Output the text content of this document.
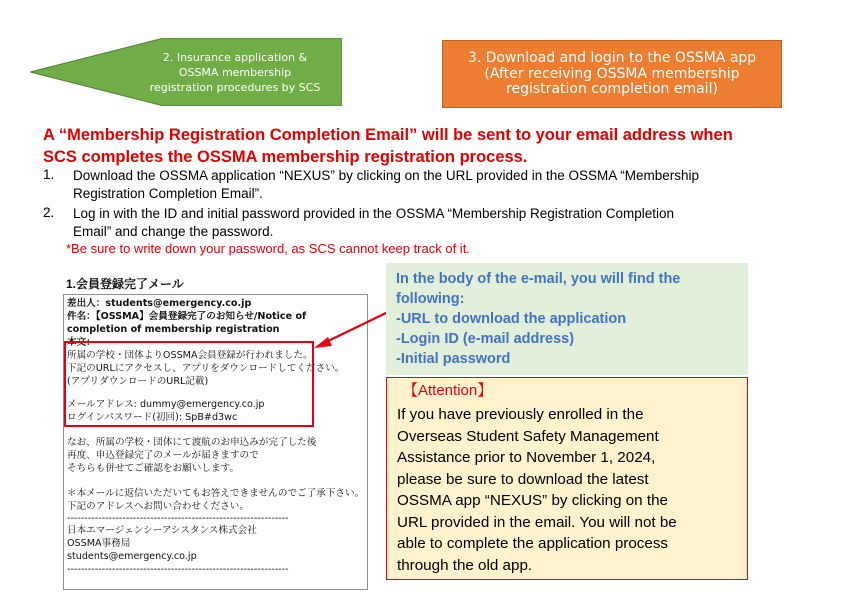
2. Insurance application &
OSSMA membership
registration procedures by SCS
3. Download and login to the OSSMA app
(After receiving OSSMA membership
registration completion email)
A “Membership Registration Completion Email” will be sent to your email address when
SCS completes the OSSMA membership registration process.
1. Download the OSSMA application “NEXUS” by clicking on the URL provided in the OSSMA “Membership
Registration Completion Email”.
2. Log in with the ID and initial password provided in the OSSMA “Membership Registration Completion
Email” and change the password.
*Be sure to write down your password, as SCS cannot keep track of it.
1.会員登録完了メール
差出人：students@emergency.co.jp
件名：【OSSMA】会員登録完了のお知らせ/Notice of
completion of membership registration
本文：
所属の学校・団体よりOSSMA会員登録が行われました。
下記のURLにアクセスし、アプリをダウンロードしてください。
(アプリダウンロードのURL記載)
メールアドレス: dummy@emergency.co.jp
ログインパスワード(初回): SpB#d3wc
なお、所属の学校・団体にて渡航のお申込みが完了した後
再度、申込登録完了のメールが届きますので
そちらも併せてご確認をお願いします。
＊本メールに返信いただいてもお答えできませんのでご了承下さい。
下記のアドレスへお問い合わせください。
----------------------------------------------------------------
日本エマージェンシーアシスタンス株式会社
OSSMA事務局
students@emergency.co.jp
----------------------------------------------------------------
In the body of the e-mail, you will find the
following:
-URL to download the application
-Login ID (e-mail address)
-Initial password
【Attention】
If you have previously enrolled in the
Overseas Student Safety Management
Assistance prior to November 1, 2024,
please be sure to download the latest
OSSMA app “NEXUS” by clicking on the
URL provided in the email. You will not be
able to complete the application process
through the old app.
